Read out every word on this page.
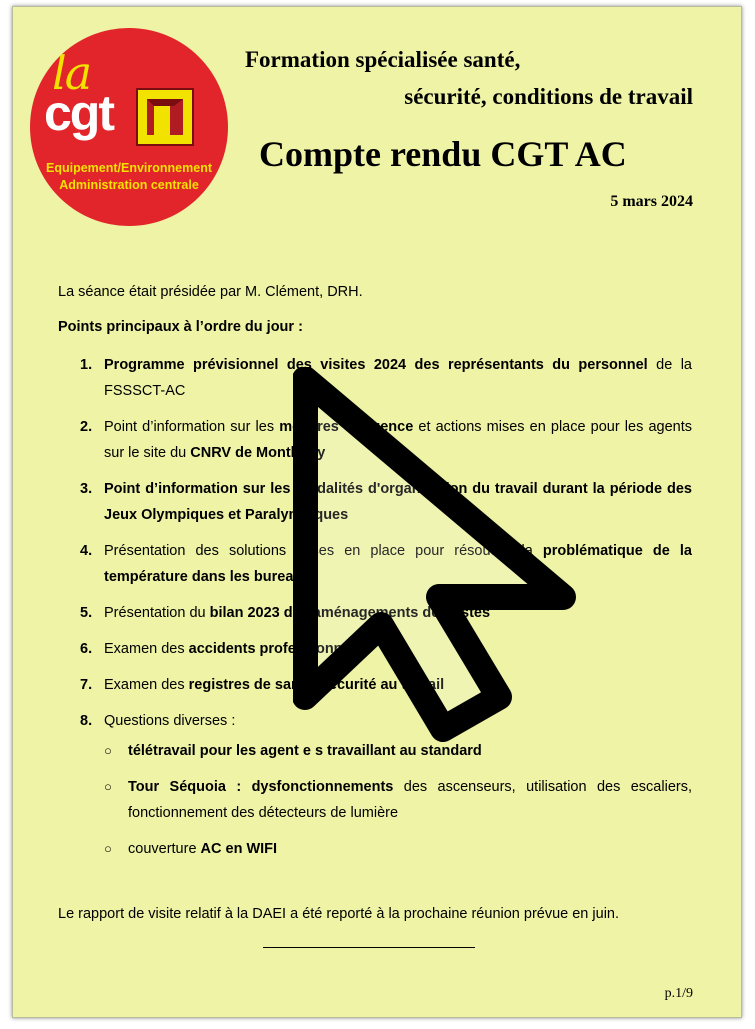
la
cgt
Equipement/Environnement
Administration centrale
Formation spécialisée santé,
sécurité, conditions de travail
Compte rendu CGT AC
5 mars 2024
La séance était présidée par M. Clément, DRH.
Points principaux à l’ordre du jour :
1. Programme prévisionnel des visites 2024 des représentants du personnel de la FSSSCT-AC
2. Point d’information sur les mesures d’urgence et actions mises en place pour les agents sur le site du CNRV de Montlhéry
3. Point d’information sur les modalités d'organisation du travail durant la période des Jeux Olympiques et Paralympiques
4. Présentation des solutions mises en place pour résoudre la problématique de la température dans les bureaux
5. Présentation du bilan 2023 des aménagements de postes
6. Examen des accidents professionnels
7. Examen des registres de santé, sécurité au travail
8. Questions diverses :
○ télétravail pour les agent e s travaillant au standard
○ Tour Séquoia : dysfonctionnements des ascenseurs, utilisation des escaliers, fonctionnement des détecteurs de lumière
○ couverture AC en WIFI
Le rapport de visite relatif à la DAEI a été reporté à la prochaine réunion prévue en juin.
p.1/9
